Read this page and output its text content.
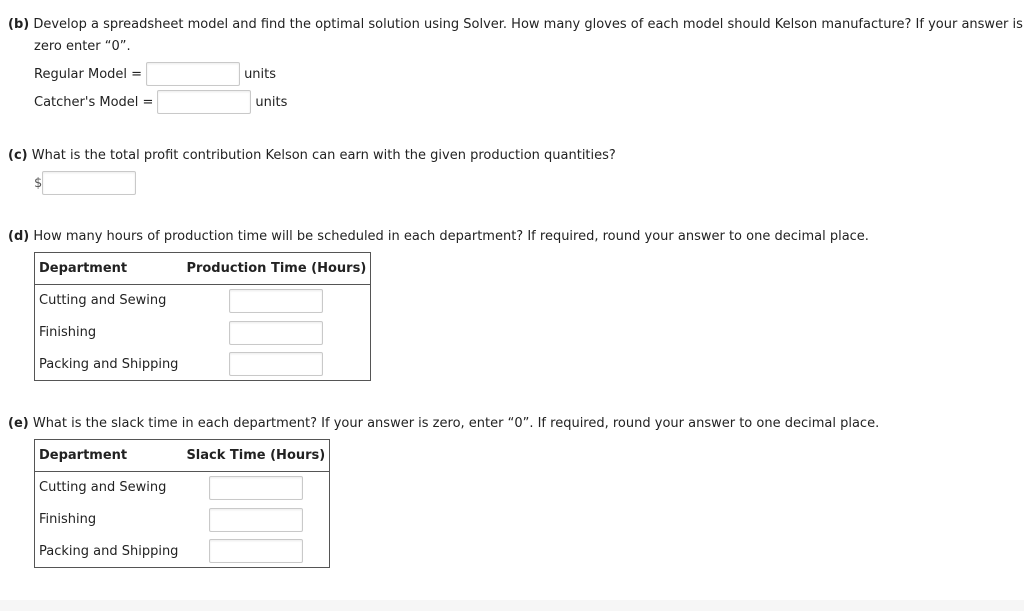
(b) Develop a spreadsheet model and find the optimal solution using Solver. How many gloves of each model should Kelson manufacture? If your answer is
zero enter “0”.
Regular Model =	units
Catcher's Model =	units
(c) What is the total profit contribution Kelson can earn with the given production quantities?
$
(d) How many hours of production time will be scheduled in each department? If required, round your answer to one decimal place.
Department	Production Time (Hours)
Cutting and Sewing	
Finishing	
Packing and Shipping	
(e) What is the slack time in each department? If your answer is zero, enter “0”. If required, round your answer to one decimal place.
Department	Slack Time (Hours)
Cutting and Sewing	
Finishing	
Packing and Shipping	
